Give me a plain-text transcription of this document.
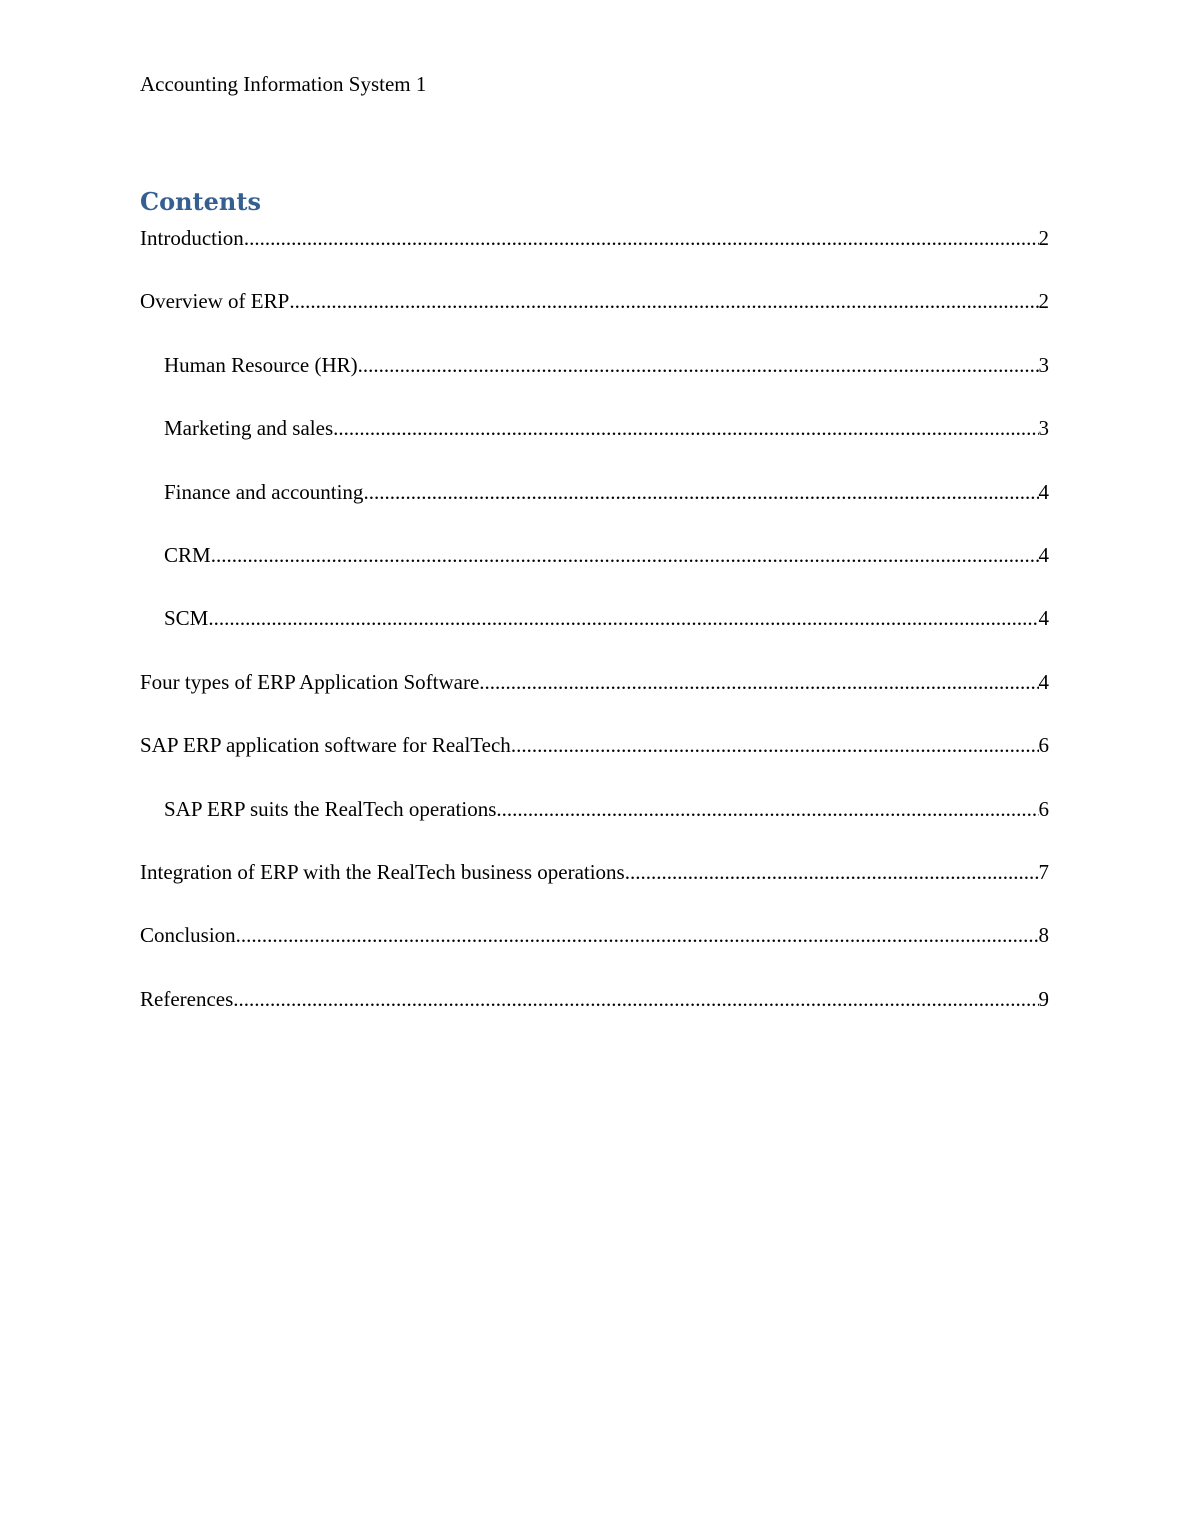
Accounting Information System 1
Contents
Introduction .....	2
Overview of ERP .....	2
Human Resource (HR) .....	3
Marketing and sales .....	3
Finance and accounting .....	4
CRM .....	4
SCM .....	4
Four types of ERP Application Software .....	4
SAP ERP application software for RealTech .....	6
SAP ERP suits the RealTech operations .....	6
Integration of ERP with the RealTech business operations .....	7
Conclusion .....	8
References .....	9
